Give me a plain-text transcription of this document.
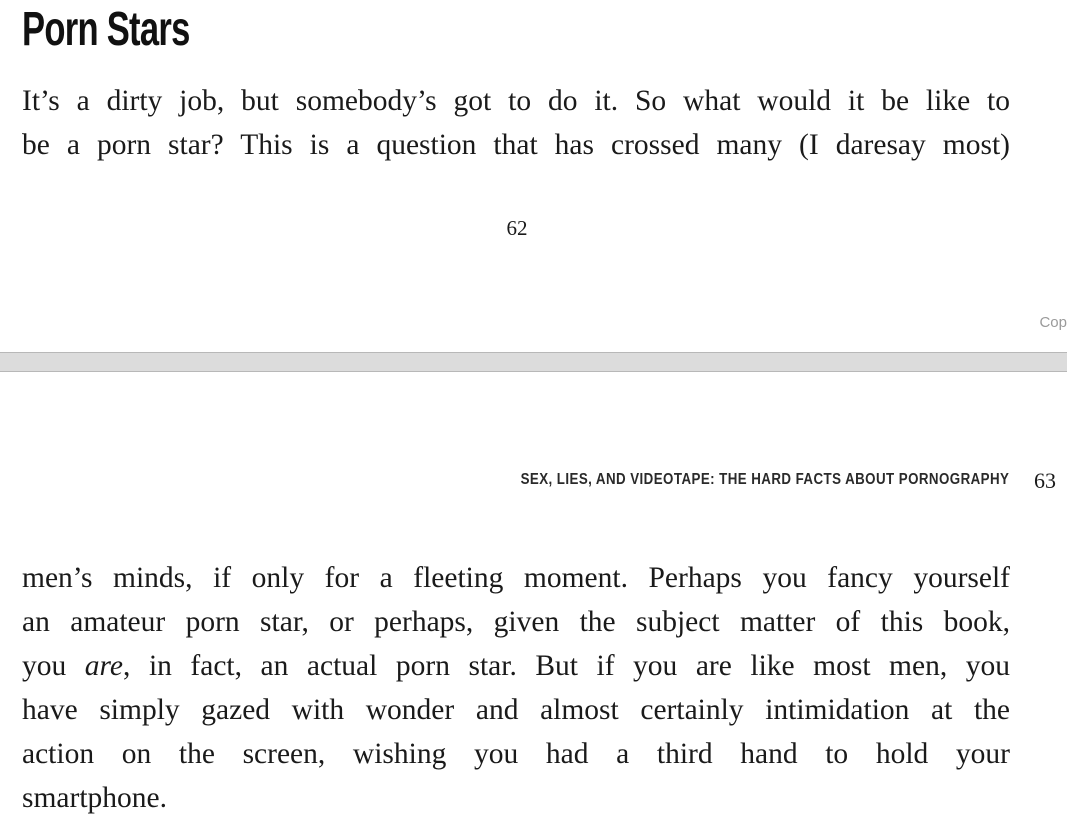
Porn Stars
It’s a dirty job, but somebody’s got to do it. So what would it be like to
be a porn star? This is a question that has crossed many (I daresay most)
62
Cop
SEX, LIES, AND VIDEOTAPE: THE HARD FACTS ABOUT PORNOGRAPHY 63
men’s minds, if only for a fleeting moment. Perhaps you fancy yourself
an amateur porn star, or perhaps, given the subject matter of this book,
you are, in fact, an actual porn star. But if you are like most men, you
have simply gazed with wonder and almost certainly intimidation at the
action on the screen, wishing you had a third hand to hold your
smartphone.
